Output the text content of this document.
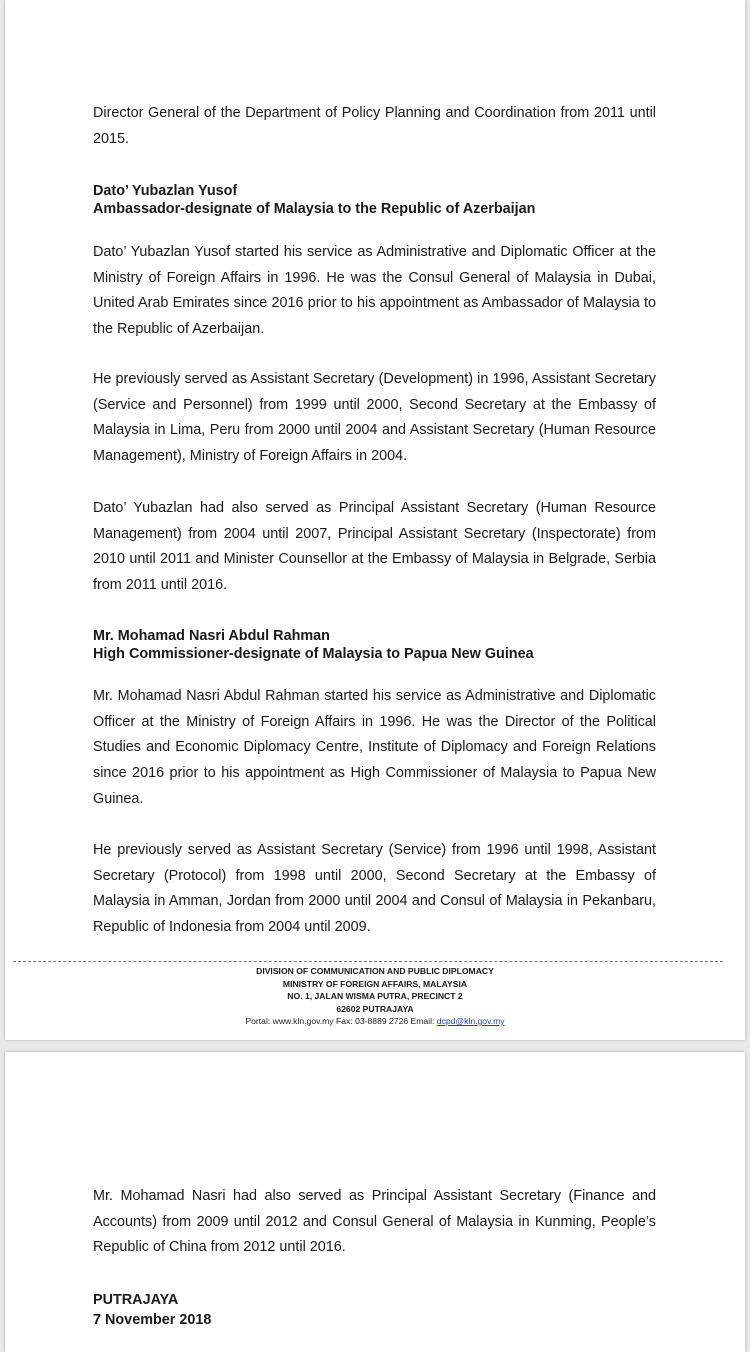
Director General of the Department of Policy Planning and Coordination from 2011 until 2015.

Dato’ Yubazlan Yusof

Ambassador-designate of Malaysia to the Republic of Azerbaijan

Dato’ Yubazlan Yusof started his service as Administrative and Diplomatic Officer at the Ministry of Foreign Affairs in 1996. He was the Consul General of Malaysia in Dubai, United Arab Emirates since 2016 prior to his appointment as Ambassador of Malaysia to the Republic of Azerbaijan.

He previously served as Assistant Secretary (Development) in 1996, Assistant Secretary (Service and Personnel) from 1999 until 2000, Second Secretary at the Embassy of Malaysia in Lima, Peru from 2000 until 2004 and Assistant Secretary (Human Resource Management), Ministry of Foreign Affairs in 2004.

Dato’ Yubazlan had also served as Principal Assistant Secretary (Human Resource Management) from 2004 until 2007, Principal Assistant Secretary (Inspectorate) from 2010 until 2011 and Minister Counsellor at the Embassy of Malaysia in Belgrade, Serbia from 2011 until 2016.

Mr. Mohamad Nasri Abdul Rahman

High Commissioner-designate of Malaysia to Papua New Guinea

Mr. Mohamad Nasri Abdul Rahman started his service as Administrative and Diplomatic Officer at the Ministry of Foreign Affairs in 1996. He was the Director of the Political Studies and Economic Diplomacy Centre, Institute of Diplomacy and Foreign Relations since 2016 prior to his appointment as High Commissioner of Malaysia to Papua New Guinea.

He previously served as Assistant Secretary (Service) from 1996 until 1998, Assistant Secretary (Protocol) from 1998 until 2000, Second Secretary at the Embassy of Malaysia in Amman, Jordan from 2000 until 2004 and Consul of Malaysia in Pekanbaru, Republic of Indonesia from 2004 until 2009.

DIVISION OF COMMUNICATION AND PUBLIC DIPLOMACY
MINISTRY OF FOREIGN AFFAIRS, MALAYSIA
NO. 1, JALAN WISMA PUTRA, PRECINCT 2
62602 PUTRAJAYA
Portal: www.kln.gov.my Fax: 03-8889 2726 Email: dcpd@kln.gov.my

Mr. Mohamad Nasri had also served as Principal Assistant Secretary (Finance and Accounts) from 2009 until 2012 and Consul General of Malaysia in Kunming, People’s Republic of China from 2012 until 2016.

PUTRAJAYA

7 November 2018
